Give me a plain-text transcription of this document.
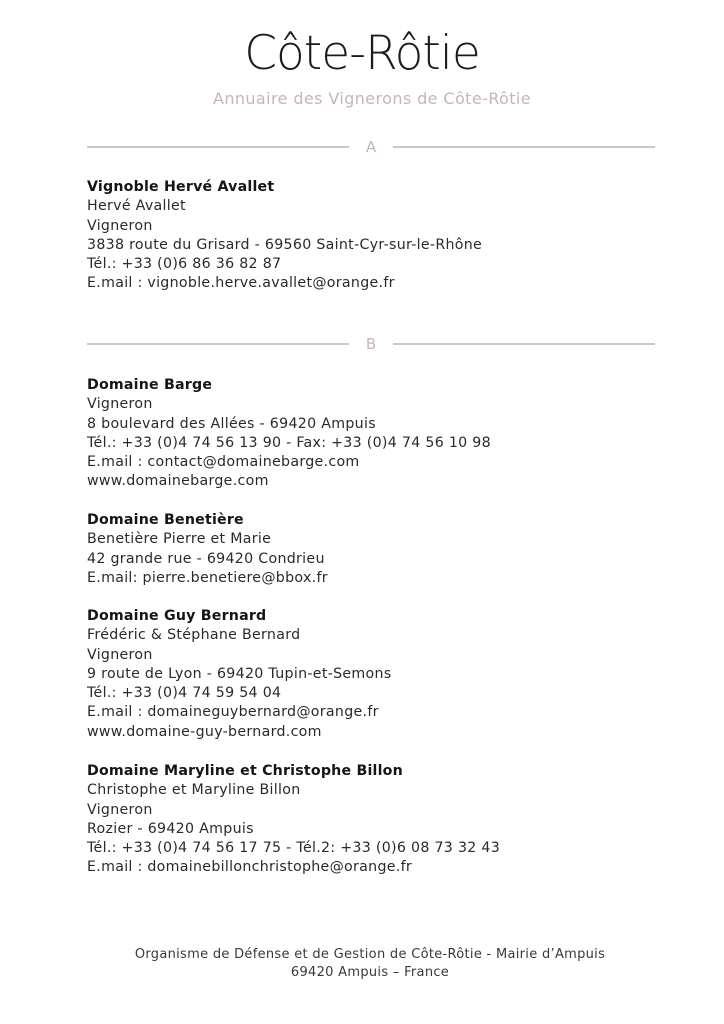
Côte-Rôtie
Annuaire des Vignerons de Côte-Rôtie
A
Vignoble Hervé Avallet
Hervé Avallet
Vigneron
3838 route du Grisard - 69560 Saint-Cyr-sur-le-Rhône
Tél.: +33 (0)6 86 36 82 87
E.mail : vignoble.herve.avallet@orange.fr
B
Domaine Barge
Vigneron
8 boulevard des Allées - 69420 Ampuis
Tél.: +33 (0)4 74 56 13 90 - Fax: +33 (0)4 74 56 10 98
E.mail : contact@domainebarge.com
www.domainebarge.com
Domaine Benetière
Benetière Pierre et Marie
42 grande rue - 69420 Condrieu
E.mail: pierre.benetiere@bbox.fr
Domaine Guy Bernard
Frédéric & Stéphane Bernard
Vigneron
9 route de Lyon - 69420 Tupin-et-Semons
Tél.: +33 (0)4 74 59 54 04
E.mail : domaineguybernard@orange.fr
www.domaine-guy-bernard.com
Domaine Maryline et Christophe Billon
Christophe et Maryline Billon
Vigneron
Rozier - 69420 Ampuis
Tél.: +33 (0)4 74 56 17 75 - Tél.2: +33 (0)6 08 73 32 43
E.mail : domainebillonchristophe@orange.fr
Organisme de Défense et de Gestion de Côte-Rôtie - Mairie d’Ampuis
69420 Ampuis – France
